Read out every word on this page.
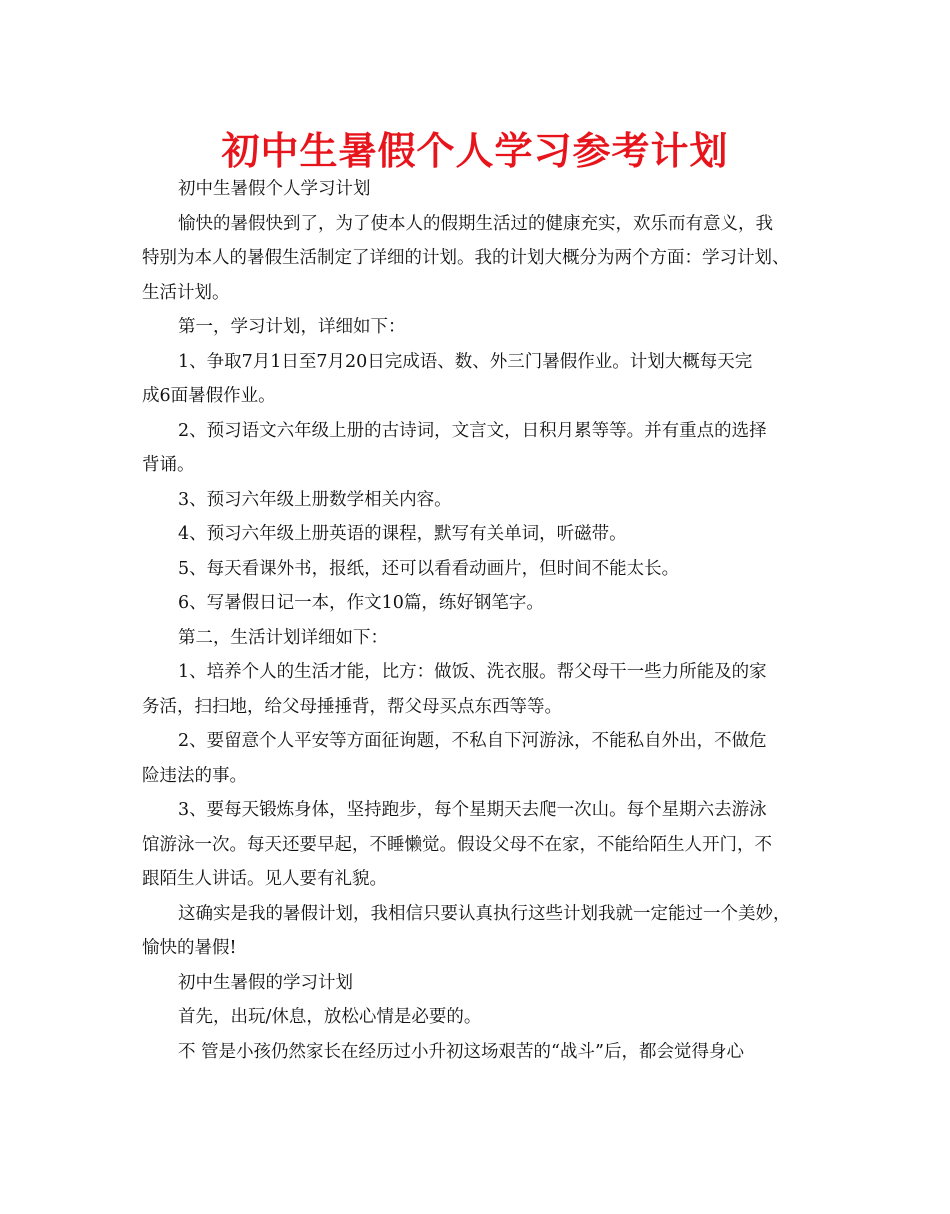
初中生暑假个人学习参考计划
初中生暑假个人学习计划
愉快的暑假快到了，为了使本人的假期生活过的健康充实，欢乐而有意义，我
特别为本人的暑假生活制定了详细的计划。我的计划大概分为两个方面：学习计划、
生活计划。
第一，学习计划，详细如下：
1、争取7月1日至7月20日完成语、数、外三门暑假作业。计划大概每天完
成6面暑假作业。
2、预习语文六年级上册的古诗词，文言文，日积月累等等。并有重点的选择
背诵。
3、预习六年级上册数学相关内容。
4、预习六年级上册英语的课程，默写有关单词，听磁带。
5、每天看课外书，报纸，还可以看看动画片，但时间不能太长。
6、写暑假日记一本，作文10篇，练好钢笔字。
第二，生活计划详细如下：
1、培养个人的生活才能，比方：做饭、洗衣服。帮父母干一些力所能及的家
务活，扫扫地，给父母捶捶背，帮父母买点东西等等。
2、要留意个人平安等方面征询题，不私自下河游泳，不能私自外出，不做危
险违法的事。
3、要每天锻炼身体，坚持跑步，每个星期天去爬一次山。每个星期六去游泳
馆游泳一次。每天还要早起，不睡懒觉。假设父母不在家，不能给陌生人开门，不
跟陌生人讲话。见人要有礼貌。
这确实是我的暑假计划，我相信只要认真执行这些计划我就一定能过一个美妙，
愉快的暑假!
初中生暑假的学习计划
首先，出玩/休息，放松心情是必要的。
不 管是小孩仍然家长在经历过小升初这场艰苦的“战斗”后，都会觉得身心
